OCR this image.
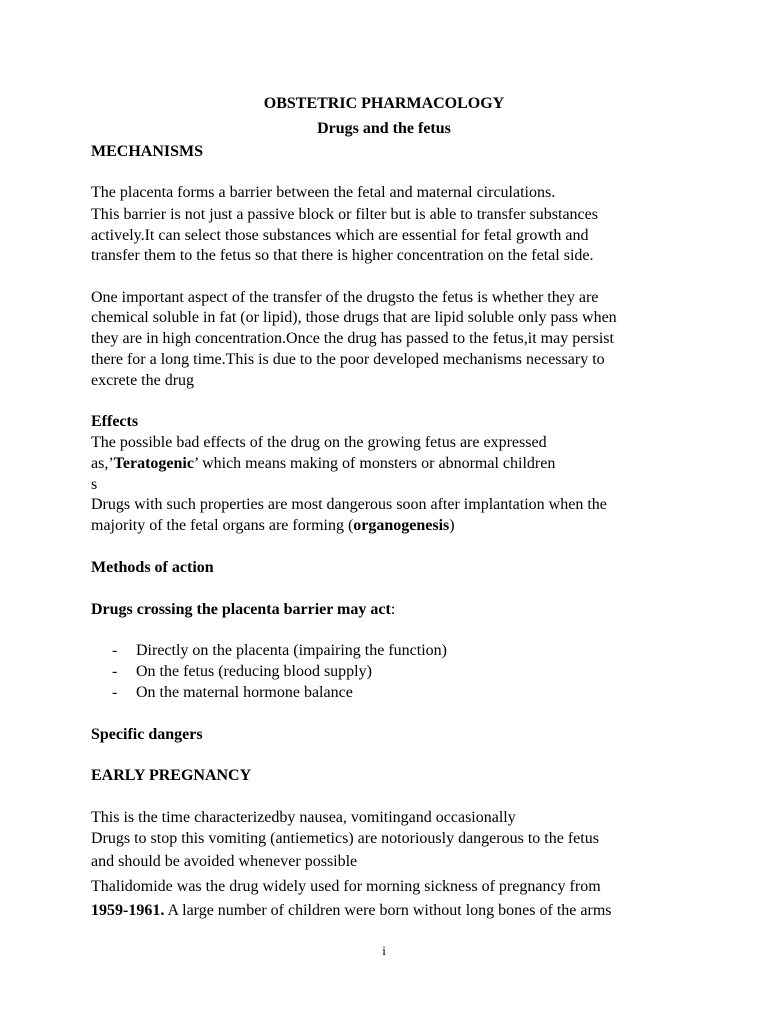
OBSTETRIC PHARMACOLOGY
Drugs and the fetus
MECHANISMS
The placenta forms a barrier between the fetal and maternal circulations.
This barrier is not just a passive block or filter but is able to transfer substances
actively.It can select those substances which are essential for fetal growth and
transfer them to the fetus so that there is higher concentration on the fetal side.
One important aspect of the transfer of the drugsto the fetus is whether they are
chemical soluble in fat (or lipid), those drugs that are lipid soluble only pass when
they are in high concentration.Once the drug has passed to the fetus,it may persist
there for a long time.This is due to the poor developed mechanisms necessary to
excrete the drug
Effects
The possible bad effects of the drug on the growing fetus are expressed
as,’Teratogenic’ which means making of monsters or abnormal children
s
Drugs with such properties are most dangerous soon after implantation when the
majority of the fetal organs are forming (organogenesis)
Methods of action
Drugs crossing the placenta barrier may act:
- Directly on the placenta (impairing the function)
- On the fetus (reducing blood supply)
- On the maternal hormone balance
Specific dangers
EARLY PREGNANCY
This is the time characterizedby nausea, vomitingand occasionally
Drugs to stop this vomiting (antiemetics) are notoriously dangerous to the fetus
and should be avoided whenever possible
Thalidomide was the drug widely used for morning sickness of pregnancy from
1959-1961. A large number of children were born without long bones of the arms
i
